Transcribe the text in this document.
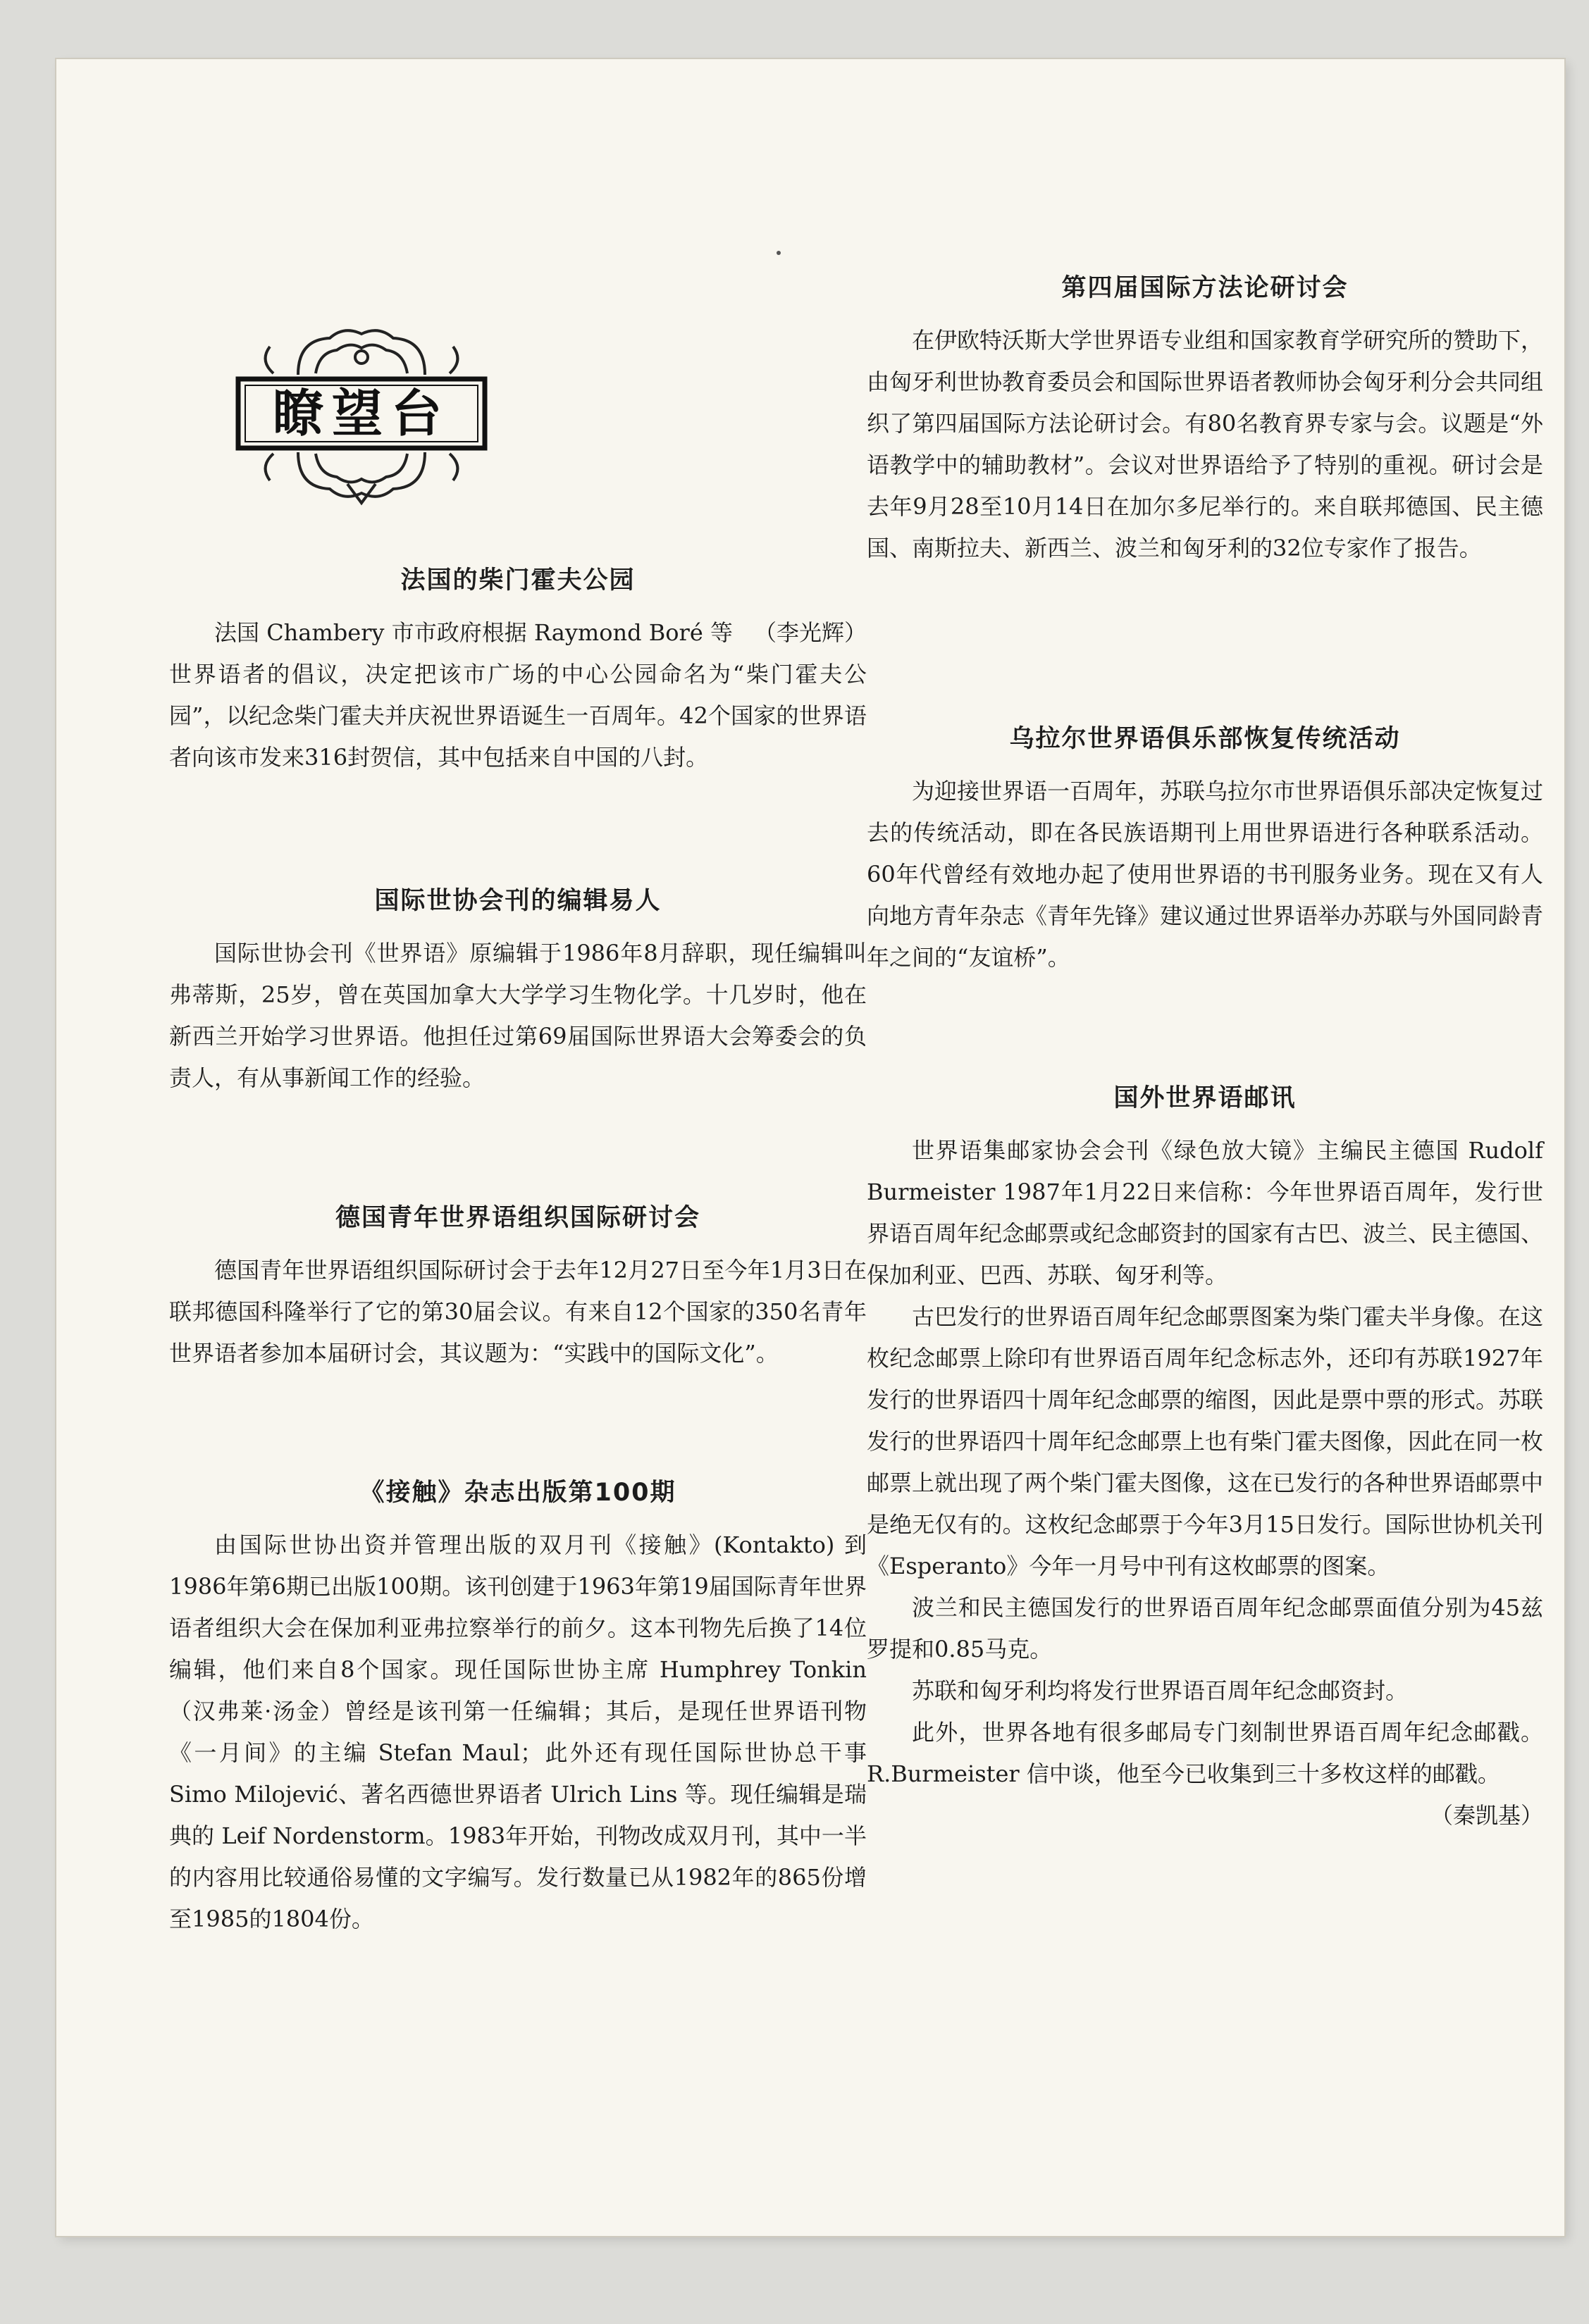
瞭望台
法国的柴门霍夫公园

（李光辉）
法国 Chambery 市市政府根据 Raymond Boré 等世界语者的倡议，决定把该市广场的中心公园命名为“柴门霍夫公园”，以纪念柴门霍夫并庆祝世界语诞生一百周年。42个国家的世界语者向该市发来316封贺信，其中包括来自中国的八封。

国际世协会刊的编辑易人

国际世协会刊《世界语》原编辑于1986年8月辞职，现任编辑叫弗蒂斯，25岁，曾在英国加拿大大学学习生物化学。十几岁时，他在新西兰开始学习世界语。他担任过第69届国际世界语大会筹委会的负责人，有从事新闻工作的经验。

德国青年世界语组织国际研讨会

德国青年世界语组织国际研讨会于去年12月27日至今年1月3日在联邦德国科隆举行了它的第30届会议。有来自12个国家的350名青年世界语者参加本届研讨会，其议题为：“实践中的国际文化”。

《接触》杂志出版第100期

由国际世协出资并管理出版的双月刊《接触》(Kontakto) 到1986年第6期已出版100期。该刊创建于1963年第19届国际青年世界语者组织大会在保加利亚弗拉察举行的前夕。这本刊物先后换了14位编辑，他们来自8个国家。现任国际世协主席 Humphrey Tonkin（汉弗莱·汤金）曾经是该刊第一任编辑；其后，是现任世界语刊物《一月间》的主编 Stefan Maul；此外还有现任国际世协总干事 Simo Milojević、著名西德世界语者 Ulrich Lins 等。现任编辑是瑞典的 Leif Nordenstorm。1983年开始，刊物改成双月刊，其中一半的内容用比较通俗易懂的文字编写。发行数量已从1982年的865份增至1985的1804份。

第四届国际方法论研讨会

在伊欧特沃斯大学世界语专业组和国家教育学研究所的赞助下，由匈牙利世协教育委员会和国际世界语者教师协会匈牙利分会共同组织了第四届国际方法论研讨会。有80名教育界专家与会。议题是“外语教学中的辅助教材”。会议对世界语给予了特别的重视。研讨会是去年9月28至10月14日在加尔多尼举行的。来自联邦德国、民主德国、南斯拉夫、新西兰、波兰和匈牙利的32位专家作了报告。

乌拉尔世界语俱乐部恢复传统活动

为迎接世界语一百周年，苏联乌拉尔市世界语俱乐部决定恢复过去的传统活动，即在各民族语期刊上用世界语进行各种联系活动。60年代曾经有效地办起了使用世界语的书刊服务业务。现在又有人向地方青年杂志《青年先锋》建议通过世界语举办苏联与外国同龄青年之间的“友谊桥”。

国外世界语邮讯

世界语集邮家协会会刊《绿色放大镜》主编民主德国 Rudolf Burmeister 1987年1月22日来信称：今年世界语百周年，发行世界语百周年纪念邮票或纪念邮资封的国家有古巴、波兰、民主德国、保加利亚、巴西、苏联、匈牙利等。

古巴发行的世界语百周年纪念邮票图案为柴门霍夫半身像。在这枚纪念邮票上除印有世界语百周年纪念标志外，还印有苏联1927年发行的世界语四十周年纪念邮票的缩图，因此是票中票的形式。苏联发行的世界语四十周年纪念邮票上也有柴门霍夫图像，因此在同一枚邮票上就出现了两个柴门霍夫图像，这在已发行的各种世界语邮票中是绝无仅有的。这枚纪念邮票于今年3月15日发行。国际世协机关刊《Esperanto》今年一月号中刊有这枚邮票的图案。

波兰和民主德国发行的世界语百周年纪念邮票面值分别为45兹罗提和0.85马克。

苏联和匈牙利均将发行世界语百周年纪念邮资封。

此外，世界各地有很多邮局专门刻制世界语百周年纪念邮戳。R.Burmeister 信中谈，他至今已收集到三十多枚这样的邮戳。
（秦凯基）
